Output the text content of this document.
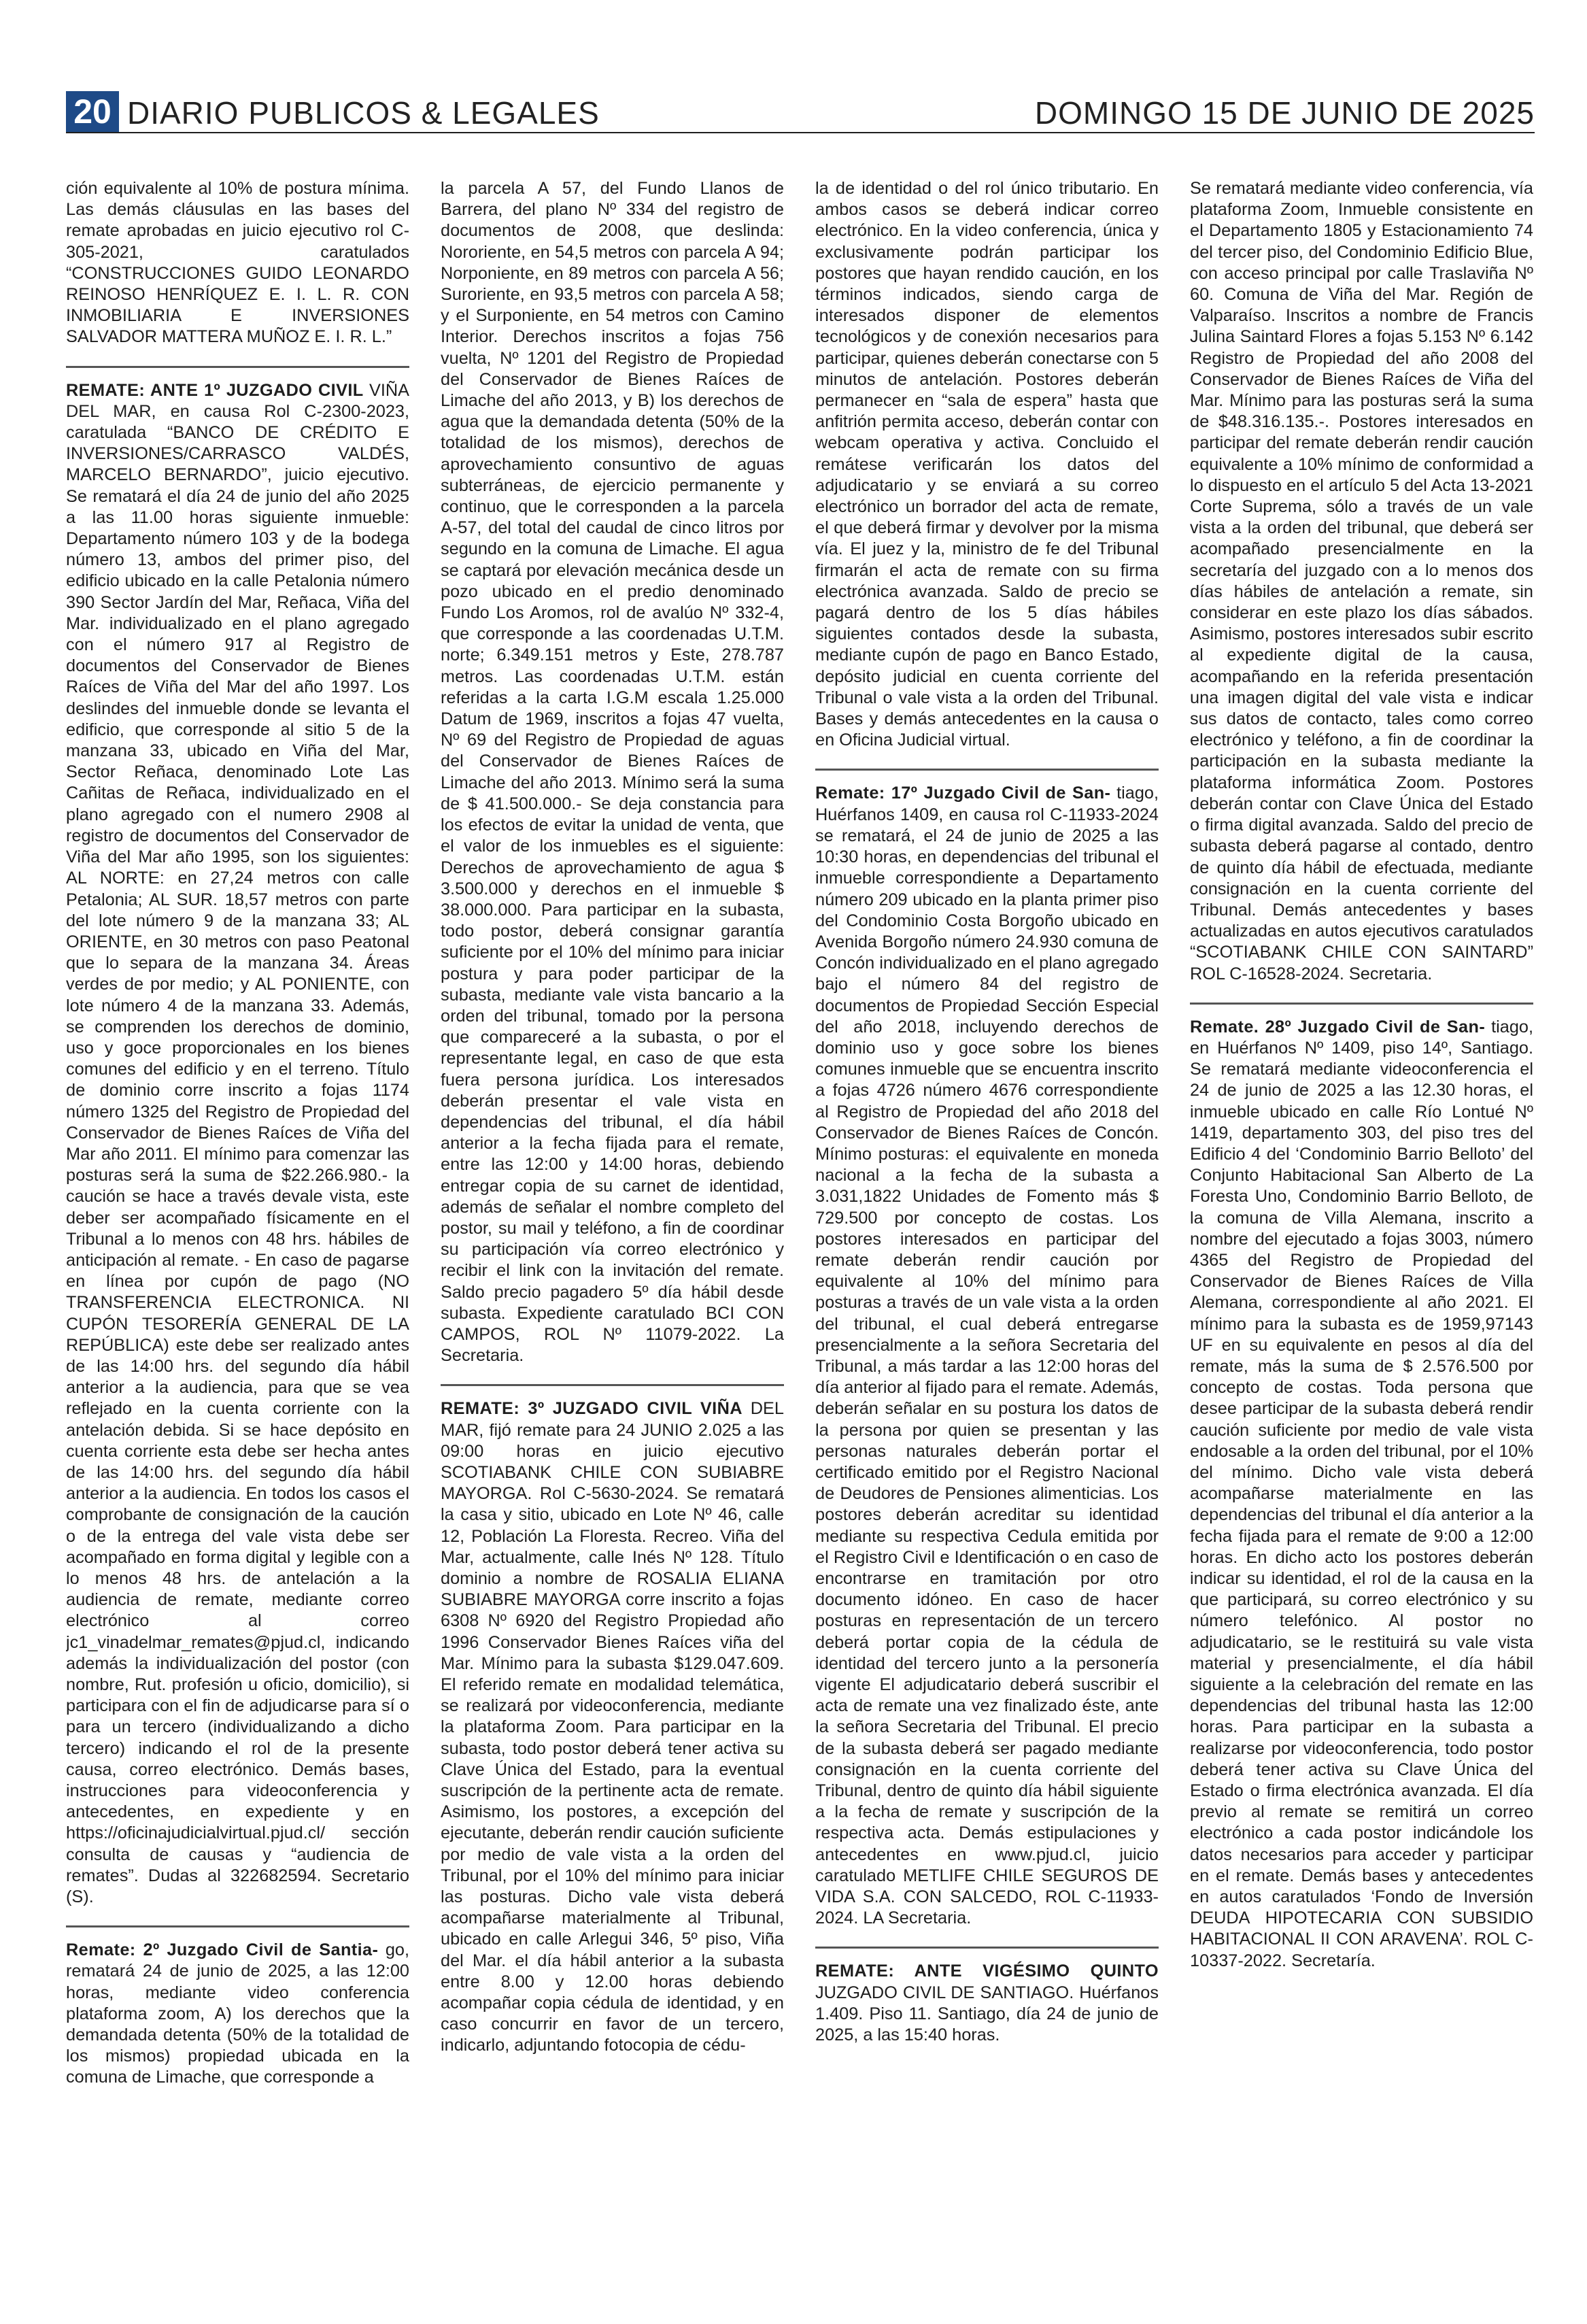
20 DIARIO PUBLICOS & LEGALES	DOMINGO 15 DE JUNIO DE 2025

ción equivalente al 10% de postura mínima. Las demás cláusulas en las bases del remate aprobadas en juicio ejecutivo rol C-305-2021, caratulados “CONSTRUCCIONES GUIDO LEONARDO REINOSO HENRÍQUEZ E. I. L. R. CON INMOBILIARIA E INVERSIONES SALVADOR MATTERA MUÑOZ E. I. R. L.”

REMATE: ANTE 1º JUZGADO CIVIL VIÑA DEL MAR, en causa Rol C-2300-2023, caratulada “BANCO DE CRÉDITO E INVERSIONES/CARRASCO VALDÉS, MARCELO BERNARDO”, juicio ejecutivo. Se rematará el día 24 de junio del año 2025 a las 11.00 horas siguiente inmueble: Departamento número 103 y de la bodega número 13, ambos del primer piso, del edificio ubicado en la calle Petalonia número 390 Sector Jardín del Mar, Reñaca, Viña del Mar. individualizado en el plano agregado con el número 917 al Registro de documentos del Conservador de Bienes Raíces de Viña del Mar del año 1997. Los deslindes del inmueble donde se levanta el edificio, que corresponde al sitio 5 de la manzana 33, ubicado en Viña del Mar, Sector Reñaca, denominado Lote Las Cañitas de Reñaca, individualizado en el plano agregado con el numero 2908 al registro de documentos del Conservador de Viña del Mar año 1995, son los siguientes: AL NORTE: en 27,24 metros con calle Petalonia; AL SUR. 18,57 metros con parte del lote número 9 de la manzana 33; AL ORIENTE, en 30 metros con paso Peatonal que lo separa de la manzana 34. Áreas verdes de por medio; y AL PONIENTE, con lote número 4 de la manzana 33. Además, se comprenden los derechos de dominio, uso y goce proporcionales en los bienes comunes del edificio y en el terreno. Título de dominio corre inscrito a fojas 1174 número 1325 del Registro de Propiedad del Conservador de Bienes Raíces de Viña del Mar año 2011. El mínimo para comenzar las posturas será la suma de $22.266.980.- la caución se hace a través devale vista, este deber ser acompañado físicamente en el Tribunal a lo menos con 48 hrs. hábiles de anticipación al remate. - En caso de pagarse en línea por cupón de pago (NO TRANSFERENCIA ELECTRONICA. NI CUPÓN TESORERÍA GENERAL DE LA REPÚBLICA) este debe ser realizado antes de las 14:00 hrs. del segundo día hábil anterior a la audiencia, para que se vea reflejado en la cuenta corriente con la antelación debida. Si se hace depósito en cuenta corriente esta debe ser hecha antes de las 14:00 hrs. del segundo día hábil anterior a la audiencia. En todos los casos el comprobante de consignación de la caución o de la entrega del vale vista debe ser acompañado en forma digital y legible con a lo menos 48 hrs. de antelación a la audiencia de remate, mediante correo electrónico al correo jc1_vinadelmar_remates@pjud.cl, indicando además la individualización del postor (con nombre, Rut. profesión u oficio, domicilio), si participara con el fin de adjudicarse para sí o para un tercero (individualizando a dicho tercero) indicando el rol de la presente causa, correo electrónico. Demás bases, instrucciones para videoconferencia y antecedentes, en expediente y en https://oficinajudicialvirtual.pjud.cl/ sección consulta de causas y “audiencia de remates”. Dudas al 322682594. Secretario (S).

Remate: 2º Juzgado Civil de Santia- go, rematará 24 de junio de 2025, a las 12:00 horas, mediante video conferencia plataforma zoom, A) los derechos que la demandada detenta (50% de la totalidad de los mismos) propiedad ubicada en la comuna de Limache, que corresponde a

la parcela A 57, del Fundo Llanos de Barrera, del plano Nº 334 del registro de documentos de 2008, que deslinda: Nororiente, en 54,5 metros con parcela A 94; Norponiente, en 89 metros con parcela A 56; Suroriente, en 93,5 metros con parcela A 58; y el Surponiente, en 54 metros con Camino Interior. Derechos inscritos a fojas 756 vuelta, Nº 1201 del Registro de Propiedad del Conservador de Bienes Raíces de Limache del año 2013, y B) los derechos de agua que la demandada detenta (50% de la totalidad de los mismos), derechos de aprovechamiento consuntivo de aguas subterráneas, de ejercicio permanente y continuo, que le corresponden a la parcela A-57, del total del caudal de cinco litros por segundo en la comuna de Limache. El agua se captará por elevación mecánica desde un pozo ubicado en el predio denominado Fundo Los Aromos, rol de avalúo Nº 332-4, que corresponde a las coordenadas U.T.M. norte; 6.349.151 metros y Este, 278.787 metros. Las coordenadas U.T.M. están referidas a la carta I.G.M escala 1.25.000 Datum de 1969, inscritos a fojas 47 vuelta, Nº 69 del Registro de Propiedad de aguas del Conservador de Bienes Raíces de Limache del año 2013. Mínimo será la suma de $ 41.500.000.- Se deja constancia para los efectos de evitar la unidad de venta, que el valor de los inmuebles es el siguiente: Derechos de aprovechamiento de agua $ 3.500.000 y derechos en el inmueble $ 38.000.000. Para participar en la subasta, todo postor, deberá consignar garantía suficiente por el 10% del mínimo para iniciar postura y para poder participar de la subasta, mediante vale vista bancario a la orden del tribunal, tomado por la persona que compareceré a la subasta, o por el representante legal, en caso de que esta fuera persona jurídica. Los interesados deberán presentar el vale vista en dependencias del tribunal, el día hábil anterior a la fecha fijada para el remate, entre las 12:00 y 14:00 horas, debiendo entregar copia de su carnet de identidad, además de señalar el nombre completo del postor, su mail y teléfono, a fin de coordinar su participación vía correo electrónico y recibir el link con la invitación del remate. Saldo precio pagadero 5º día hábil desde subasta. Expediente caratulado BCI CON CAMPOS, ROL Nº 11079-2022. La Secretaria.

REMATE: 3º JUZGADO CIVIL VIÑA DEL MAR, fijó remate para 24 JUNIO 2.025 a las 09:00 horas en juicio ejecutivo SCOTIABANK CHILE CON SUBIABRE MAYORGA. Rol C-5630-2024. Se rematará la casa y sitio, ubicado en Lote Nº 46, calle 12, Población La Floresta. Recreo. Viña del Mar, actualmente, calle Inés Nº 128. Título dominio a nombre de ROSALIA ELIANA SUBIABRE MAYORGA corre inscrito a fojas 6308 Nº 6920 del Registro Propiedad año 1996 Conservador Bienes Raíces viña del Mar. Mínimo para la subasta $129.047.609. El referido remate en modalidad telemática, se realizará por videoconferencia, mediante la plataforma Zoom. Para participar en la subasta, todo postor deberá tener activa su Clave Única del Estado, para la eventual suscripción de la pertinente acta de remate. Asimismo, los postores, a excepción del ejecutante, deberán rendir caución suficiente por medio de vale vista a la orden del Tribunal, por el 10% del mínimo para iniciar las posturas. Dicho vale vista deberá acompañarse materialmente al Tribunal, ubicado en calle Arlegui 346, 5º piso, Viña del Mar. el día hábil anterior a la subasta entre 8.00 y 12.00 horas debiendo acompañar copia cédula de identidad, y en caso concurrir en favor de un tercero, indicarlo, adjuntando fotocopia de cédu-

la de identidad o del rol único tributario. En ambos casos se deberá indicar correo electrónico. En la video conferencia, única y exclusivamente podrán participar los postores que hayan rendido caución, en los términos indicados, siendo carga de interesados disponer de elementos tecnológicos y de conexión necesarios para participar, quienes deberán conectarse con 5 minutos de antelación. Postores deberán permanecer en “sala de espera” hasta que anfitrión permita acceso, deberán contar con webcam operativa y activa. Concluido el remátese verificarán los datos del adjudicatario y se enviará a su correo electrónico un borrador del acta de remate, el que deberá firmar y devolver por la misma vía. El juez y la, ministro de fe del Tribunal firmarán el acta de remate con su firma electrónica avanzada. Saldo de precio se pagará dentro de los 5 días hábiles siguientes contados desde la subasta, mediante cupón de pago en Banco Estado, depósito judicial en cuenta corriente del Tribunal o vale vista a la orden del Tribunal. Bases y demás antecedentes en la causa o en Oficina Judicial virtual.

Remate: 17º Juzgado Civil de San- tiago, Huérfanos 1409, en causa rol C-11933-2024 se rematará, el 24 de junio de 2025 a las 10:30 horas, en dependencias del tribunal el inmueble correspondiente a Departamento número 209 ubicado en la planta primer piso del Condominio Costa Borgoño ubicado en Avenida Borgoño número 24.930 comuna de Concón individualizado en el plano agregado bajo el número 84 del registro de documentos de Propiedad Sección Especial del año 2018, incluyendo derechos de dominio uso y goce sobre los bienes comunes inmueble que se encuentra inscrito a fojas 4726 número 4676 correspondiente al Registro de Propiedad del año 2018 del Conservador de Bienes Raíces de Concón. Mínimo posturas: el equivalente en moneda nacional a la fecha de la subasta a 3.031,1822 Unidades de Fomento más $ 729.500 por concepto de costas. Los postores interesados en participar del remate deberán rendir caución por equivalente al 10% del mínimo para posturas a través de un vale vista a la orden del tribunal, el cual deberá entregarse presencialmente a la señora Secretaria del Tribunal, a más tardar a las 12:00 horas del día anterior al fijado para el remate. Además, deberán señalar en su postura los datos de la persona por quien se presentan y las personas naturales deberán portar el certificado emitido por el Registro Nacional de Deudores de Pensiones alimenticias. Los postores deberán acreditar su identidad mediante su respectiva Cedula emitida por el Registro Civil e Identificación o en caso de encontrarse en tramitación por otro documento idóneo. En caso de hacer posturas en representación de un tercero deberá portar copia de la cédula de identidad del tercero junto a la personería vigente El adjudicatario deberá suscribir el acta de remate una vez finalizado éste, ante la señora Secretaria del Tribunal. El precio de la subasta deberá ser pagado mediante consignación en la cuenta corriente del Tribunal, dentro de quinto día hábil siguiente a la fecha de remate y suscripción de la respectiva acta. Demás estipulaciones y antecedentes en www.pjud.cl, juicio caratulado METLIFE CHILE SEGUROS DE VIDA S.A. CON SALCEDO, ROL C-11933-2024. LA Secretaria.

REMATE: ANTE VIGÉSIMO QUINTO JUZGADO CIVIL DE SANTIAGO. Huérfanos 1.409. Piso 11. Santiago, día 24 de junio de 2025, a las 15:40 horas.

Se rematará mediante video conferencia, vía plataforma Zoom, Inmueble consistente en el Departamento 1805 y Estacionamiento 74 del tercer piso, del Condominio Edificio Blue, con acceso principal por calle Traslaviña Nº 60. Comuna de Viña del Mar. Región de Valparaíso. Inscritos a nombre de Francis Julina Saintard Flores a fojas 5.153 Nº 6.142 Registro de Propiedad del año 2008 del Conservador de Bienes Raíces de Viña del Mar. Mínimo para las posturas será la suma de $48.316.135.-. Postores interesados en participar del remate deberán rendir caución equivalente a 10% mínimo de conformidad a lo dispuesto en el artículo 5 del Acta 13-2021 Corte Suprema, sólo a través de un vale vista a la orden del tribunal, que deberá ser acompañado presencialmente en la secretaría del juzgado con a lo menos dos días hábiles de antelación a remate, sin considerar en este plazo los días sábados. Asimismo, postores interesados subir escrito al expediente digital de la causa, acompañando en la referida presentación una imagen digital del vale vista e indicar sus datos de contacto, tales como correo electrónico y teléfono, a fin de coordinar la participación en la subasta mediante la plataforma informática Zoom. Postores deberán contar con Clave Única del Estado o firma digital avanzada. Saldo del precio de subasta deberá pagarse al contado, dentro de quinto día hábil de efectuada, mediante consignación en la cuenta corriente del Tribunal. Demás antecedentes y bases actualizadas en autos ejecutivos caratulados “SCOTIABANK CHILE CON SAINTARD” ROL C-16528-2024. Secretaria.

Remate. 28º Juzgado Civil de San- tiago, en Huérfanos Nº 1409, piso 14º, Santiago. Se rematará mediante videoconferencia el 24 de junio de 2025 a las 12.30 horas, el inmueble ubicado en calle Río Lontué Nº 1419, departamento 303, del piso tres del Edificio 4 del ‘Condominio Barrio Belloto’ del Conjunto Habitacional San Alberto de La Foresta Uno, Condominio Barrio Belloto, de la comuna de Villa Alemana, inscrito a nombre del ejecutado a fojas 3003, número 4365 del Registro de Propiedad del Conservador de Bienes Raíces de Villa Alemana, correspondiente al año 2021. El mínimo para la subasta es de 1959,97143 UF en su equivalente en pesos al día del remate, más la suma de $ 2.576.500 por concepto de costas. Toda persona que desee participar de la subasta deberá rendir caución suficiente por medio de vale vista endosable a la orden del tribunal, por el 10% del mínimo. Dicho vale vista deberá acompañarse materialmente en las dependencias del tribunal el día anterior a la fecha fijada para el remate de 9:00 a 12:00 horas. En dicho acto los postores deberán indicar su identidad, el rol de la causa en la que participará, su correo electrónico y su número telefónico. Al postor no adjudicatario, se le restituirá su vale vista material y presencialmente, el día hábil siguiente a la celebración del remate en las dependencias del tribunal hasta las 12:00 horas. Para participar en la subasta a realizarse por videoconferencia, todo postor deberá tener activa su Clave Única del Estado o firma electrónica avanzada. El día previo al remate se remitirá un correo electrónico a cada postor indicándole los datos necesarios para acceder y participar en el remate. Demás bases y antecedentes en autos caratulados ‘Fondo de Inversión DEUDA HIPOTECARIA CON SUBSIDIO HABITACIONAL II CON ARAVENA’. ROL C-10337-2022. Secretaría.
